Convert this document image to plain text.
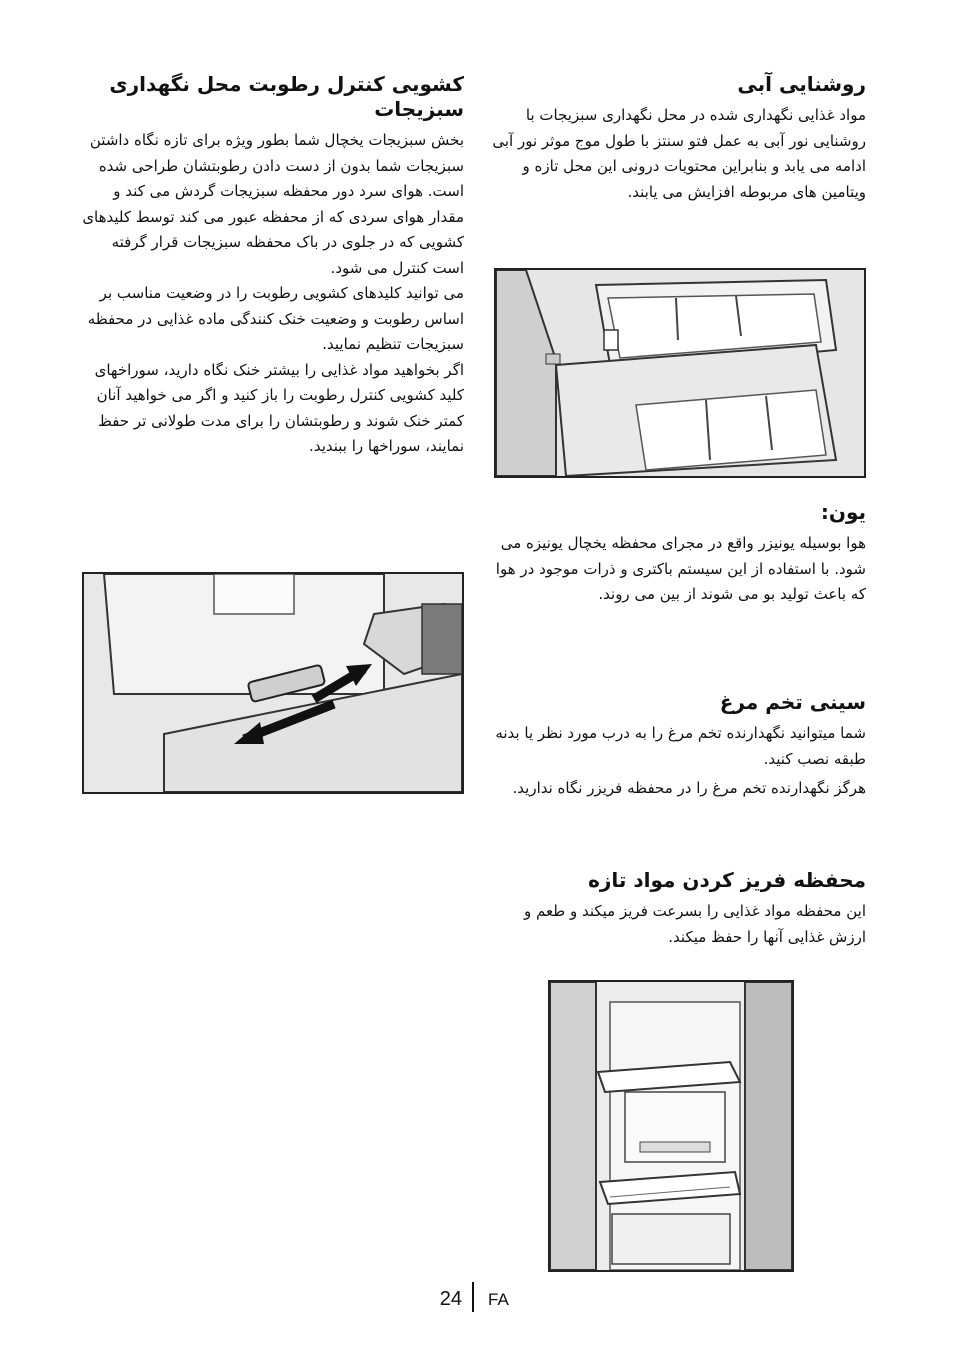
روشنایی آبی

مواد غذایی نگهداری شده در محل نگهداری سبزیجات با روشنایی نور آبی به عمل فتو سنتز با طول موج موثر نور آبی ادامه می یابد و بنابراین محتویات درونی این محل تازه و ویتامین های مربوطه افزایش می یابند.

یون:

هوا بوسیله یونیزر واقع در مجرای محفظه یخچال یونیزه می شود. با استفاده از این سیستم باکتری و ذرات موجود در هوا که باعث تولید بو می شوند از بین می روند.

سینی تخم مرغ

شما میتوانید نگهدارنده تخم مرغ را به درب مورد نظر یا بدنه طبقه نصب کنید.

هرگز نگهدارنده تخم مرغ را در محفظه فریزر نگاه ندارید.

محفظه فریز کردن مواد تازه

این محفظه مواد غذایی را بسرعت فریز میکند و طعم و ارزش غذایی آنها را حفظ میکند.

کشویی کنترل رطوبت محل نگهداری سبزیجات

بخش سبزیجات یخچال شما بطور ویژه برای تازه نگاه داشتن سبزیجات شما بدون از دست دادن رطوبتشان طراحی شده است. هوای سرد دور محفظه سبزیجات گردش می کند و مقدار هوای سردی که از محفظه عبور می کند توسط کلیدهای کشویی که در جلوی در باک محفظه سبزیجات قرار گرفته است کنترل می شود.

می توانید کلیدهای کشویی رطوبت را در وضعیت مناسب بر اساس رطوبت و وضعیت خنک کنندگی ماده غذایی در محفظه سبزیجات تنظیم نمایید.

اگر بخواهید مواد غذایی را بیشتر خنک نگاه دارید، سوراخهای کلید کشویی کنترل رطوبت را باز کنید و اگر می خواهید آنان کمتر خنک شوند و رطوبتشان را برای مدت طولانی تر حفظ نمایند، سوراخها را ببندید.

24 FA
